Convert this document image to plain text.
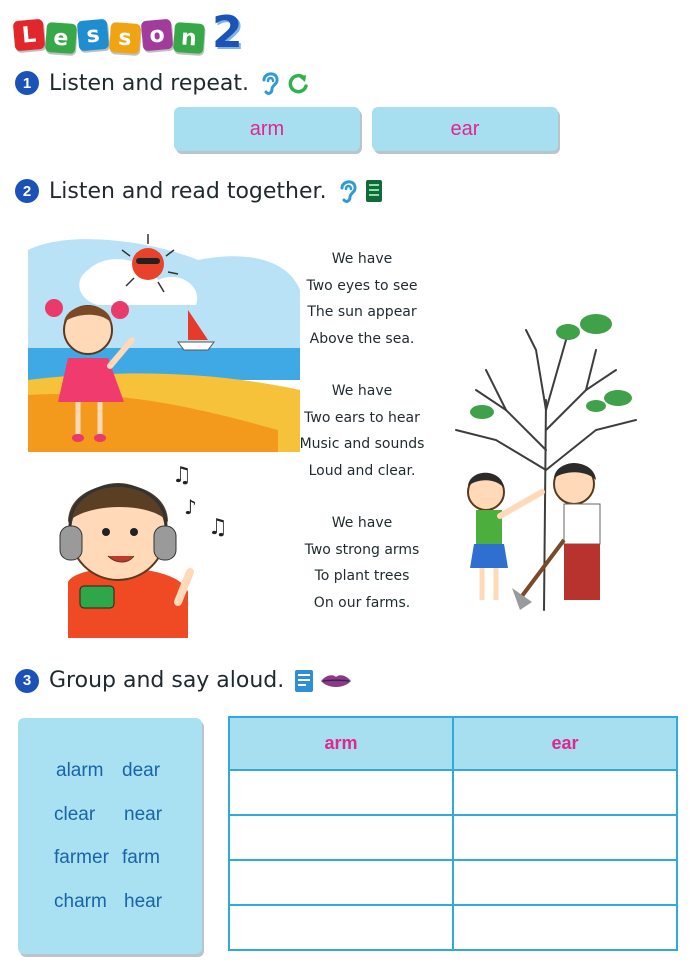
L e s s o n 2
1 Listen and repeat.
arm	ear
2 Listen and read together.
♫
♪
♫
We have
Two eyes to see
The sun appear
Above the sea.
We have
Two ears to hear
Music and sounds
Loud and clear.
We have
Two strong arms
To plant trees
On our farms.
3 Group and say aloud.
alarm dear
clear near
farmer farm
charm hear
arm	ear
